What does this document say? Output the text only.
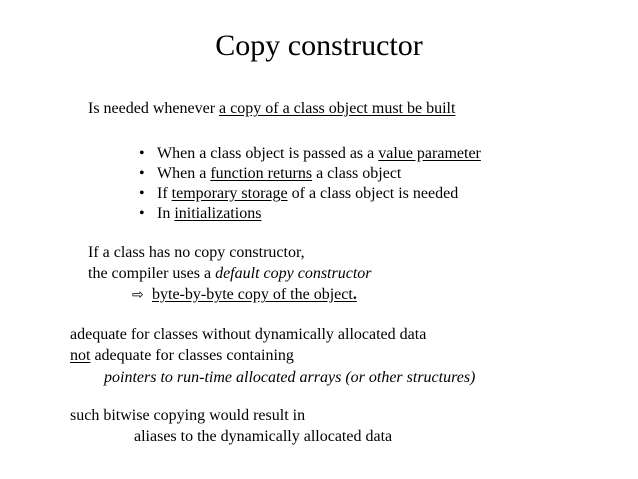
Copy constructor
Is needed whenever a copy of a class object must be built
• When a class object is passed as a value parameter
• When a function returns a class object
• If temporary storage of a class object is needed
• In initializations
If a class has no copy constructor,
the compiler uses a default copy constructor
⇨ byte-by-byte copy of the object.
adequate for classes without dynamically allocated data
not adequate for classes containing
pointers to run-time allocated arrays (or other structures)
such bitwise copying would result in
aliases to the dynamically allocated data
